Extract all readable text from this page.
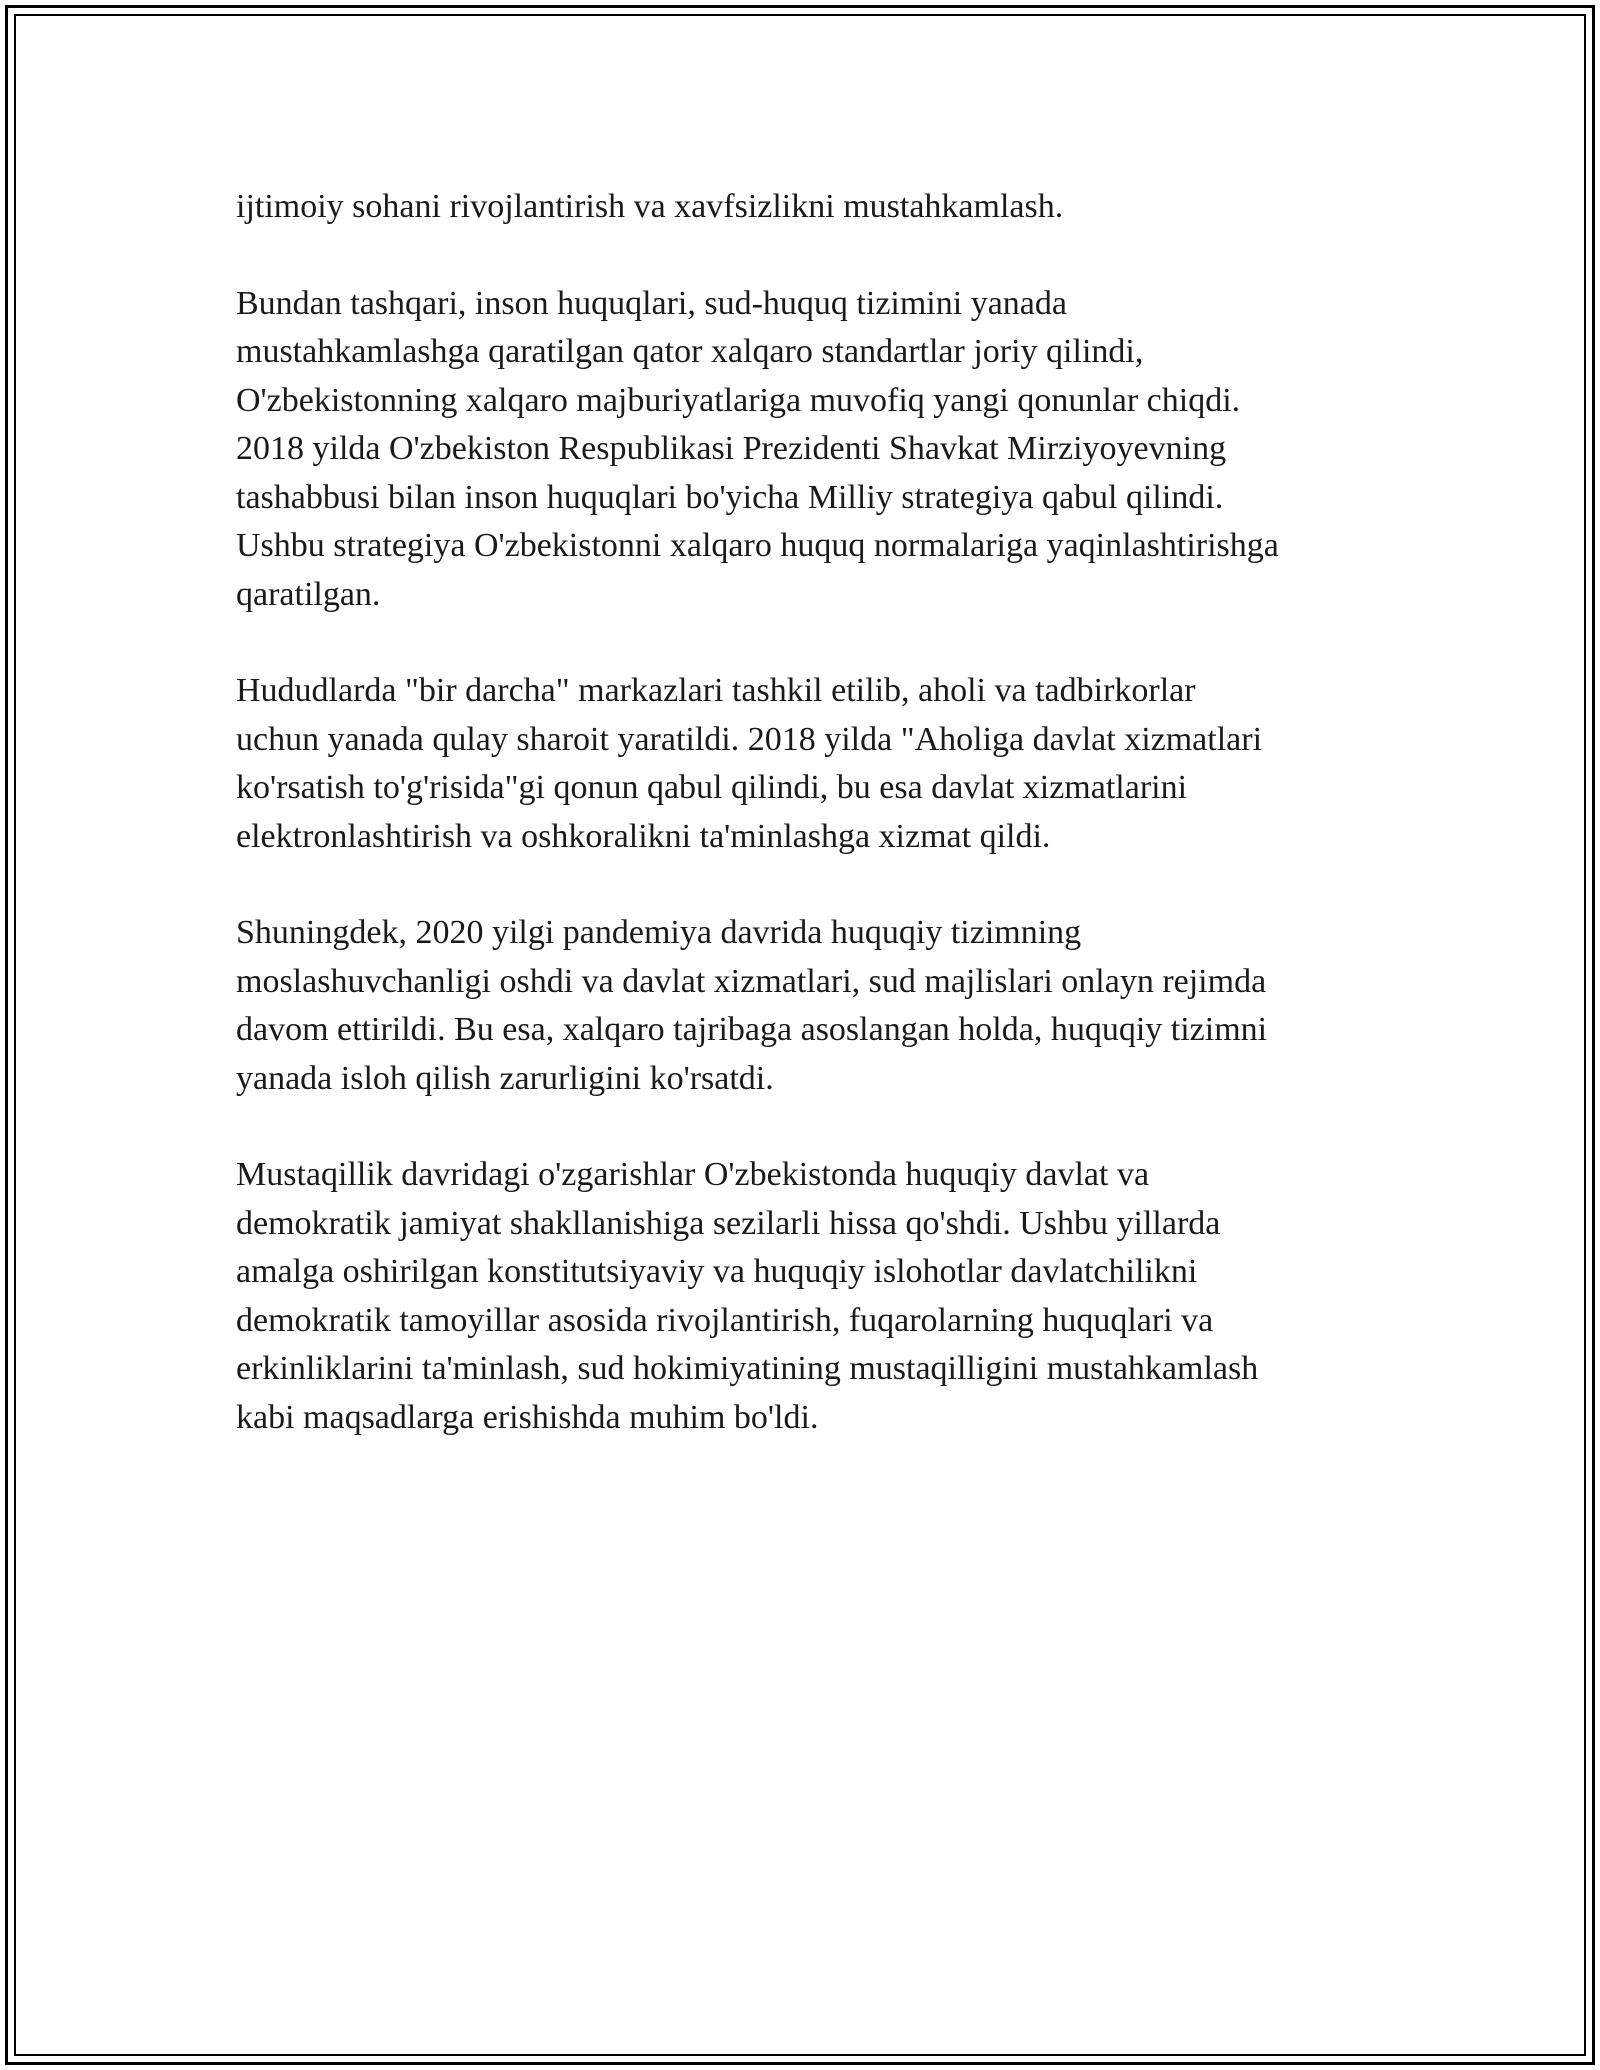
ijtimoiy sohani rivojlantirish va xavfsizlikni mustahkamlash.

Bundan tashqari, inson huquqlari, sud-huquq tizimini yanada
mustahkamlashga qaratilgan qator xalqaro standartlar joriy qilindi,
O'zbekistonning xalqaro majburiyatlariga muvofiq yangi qonunlar chiqdi.
2018 yilda O'zbekiston Respublikasi Prezidenti Shavkat Mirziyoyevning
tashabbusi bilan inson huquqlari bo'yicha Milliy strategiya qabul qilindi.
Ushbu strategiya O'zbekistonni xalqaro huquq normalariga yaqinlashtirishga
qaratilgan.

Hududlarda "bir darcha" markazlari tashkil etilib, aholi va tadbirkorlar
uchun yanada qulay sharoit yaratildi. 2018 yilda "Aholiga davlat xizmatlari
ko'rsatish to'g'risida"gi qonun qabul qilindi, bu esa davlat xizmatlarini
elektronlashtirish va oshkoralikni ta'minlashga xizmat qildi.

Shuningdek, 2020 yilgi pandemiya davrida huquqiy tizimning
moslashuvchanligi oshdi va davlat xizmatlari, sud majlislari onlayn rejimda
davom ettirildi. Bu esa, xalqaro tajribaga asoslangan holda, huquqiy tizimni
yanada isloh qilish zarurligini ko'rsatdi.

Mustaqillik davridagi o'zgarishlar O'zbekistonda huquqiy davlat va
demokratik jamiyat shakllanishiga sezilarli hissa qo'shdi. Ushbu yillarda
amalga oshirilgan konstitutsiyaviy va huquqiy islohotlar davlatchilikni
demokratik tamoyillar asosida rivojlantirish, fuqarolarning huquqlari va
erkinliklarini ta'minlash, sud hokimiyatining mustaqilligini mustahkamlash
kabi maqsadlarga erishishda muhim bo'ldi.
